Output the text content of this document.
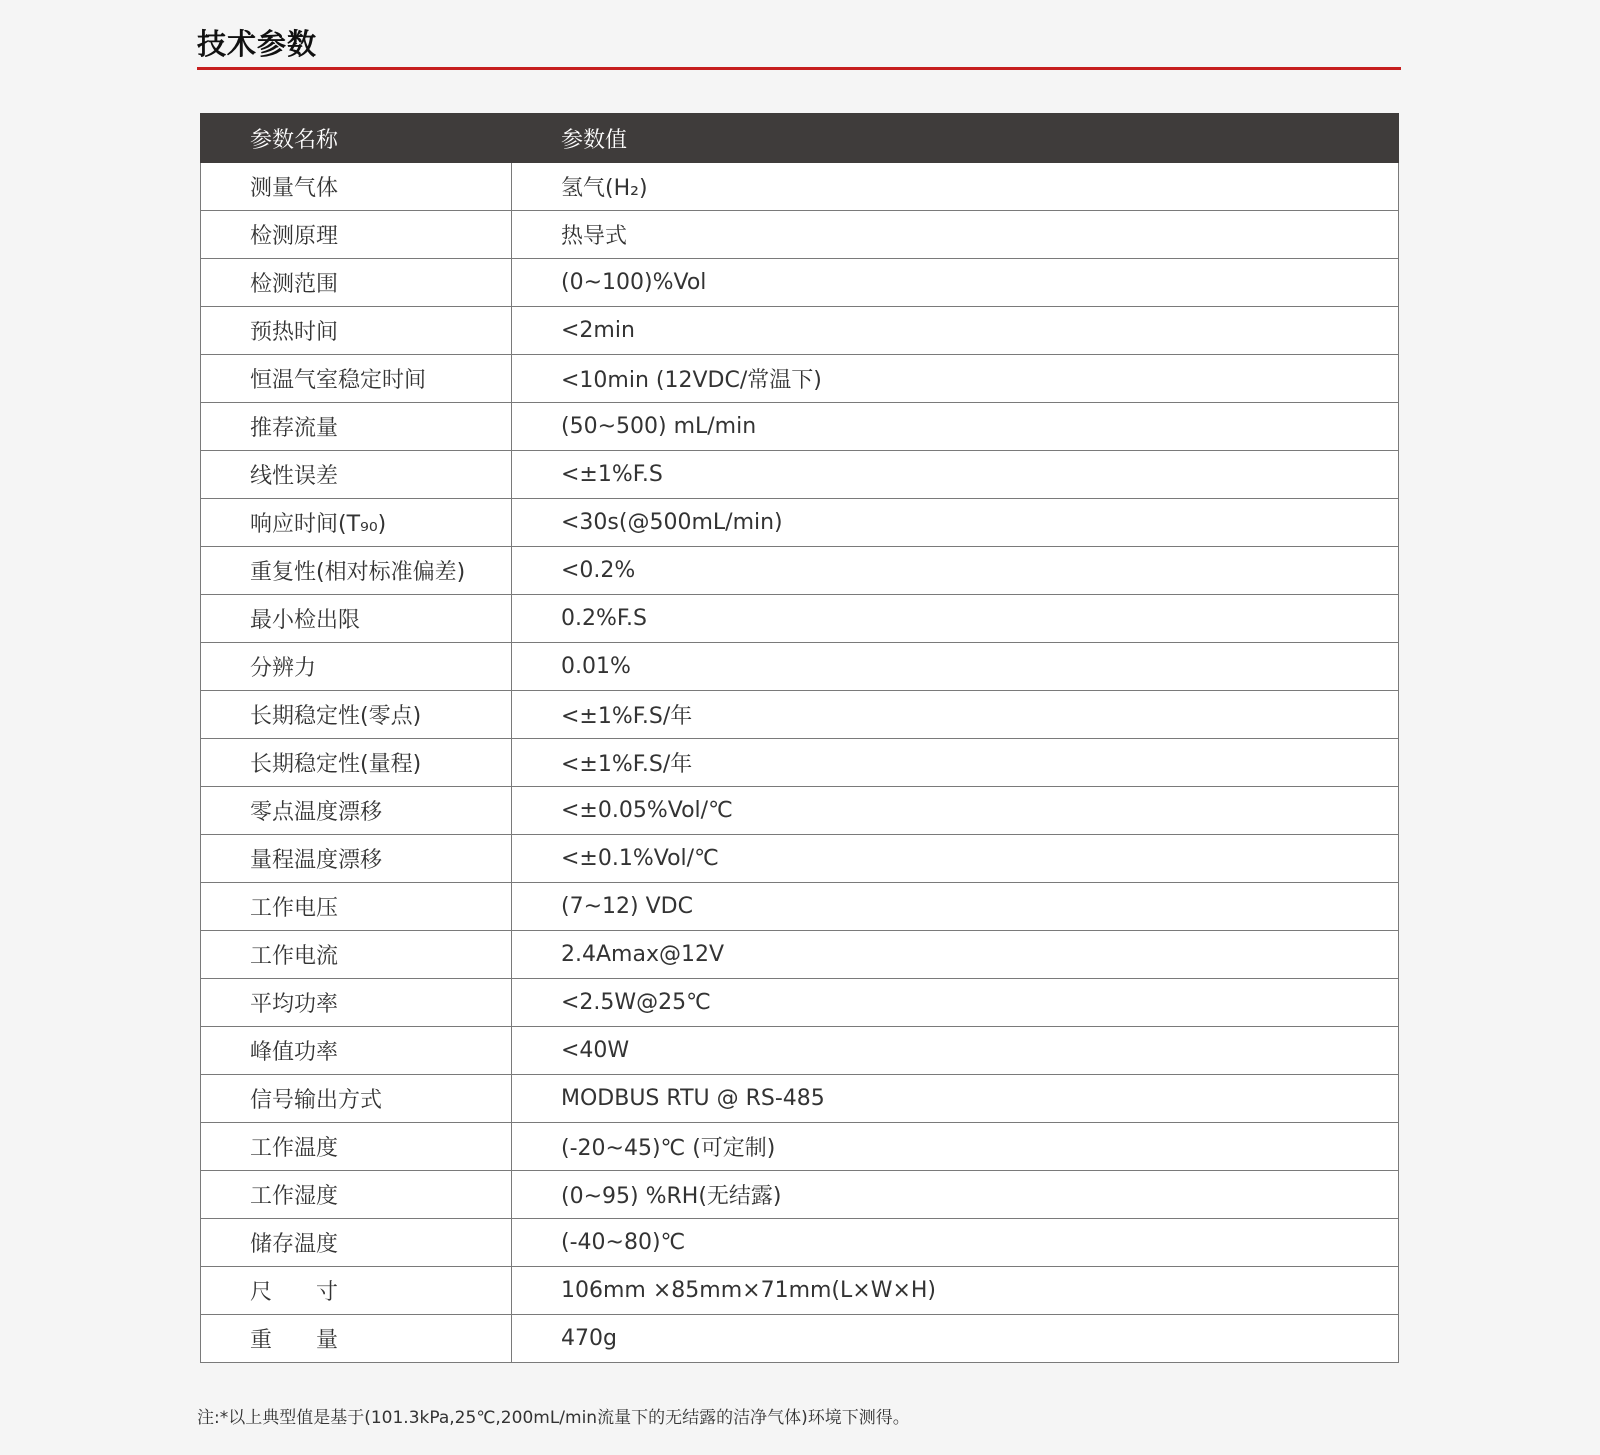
技术参数
参数名称	参数值
测量气体	氢气(H₂)
检测原理	热导式
检测范围	(0~100)%Vol
预热时间	<2min
恒温气室稳定时间	<10min (12VDC/常温下)
推荐流量	(50~500) mL/min
线性误差	<±1%F.S
响应时间(T₉₀)	<30s(@500mL/min)
重复性(相对标准偏差)	<0.2%
最小检出限	0.2%F.S
分辨力	0.01%
长期稳定性(零点)	<±1%F.S/年
长期稳定性(量程)	<±1%F.S/年
零点温度漂移	<±0.05%Vol/℃
量程温度漂移	<±0.1%Vol/℃
工作电压	(7~12) VDC
工作电流	2.4Amax@12V
平均功率	<2.5W@25℃
峰值功率	<40W
信号输出方式	MODBUS RTU @ RS-485
工作温度	(-20~45)℃ (可定制)
工作湿度	(0~95) %RH(无结露)
储存温度	(-40~80)℃
尺　　寸	106mm ×85mm×71mm(L×W×H)
重　　量	470g
注:*以上典型值是基于(101.3kPa,25℃,200mL/min流量下的无结露的洁净气体)环境下测得。
